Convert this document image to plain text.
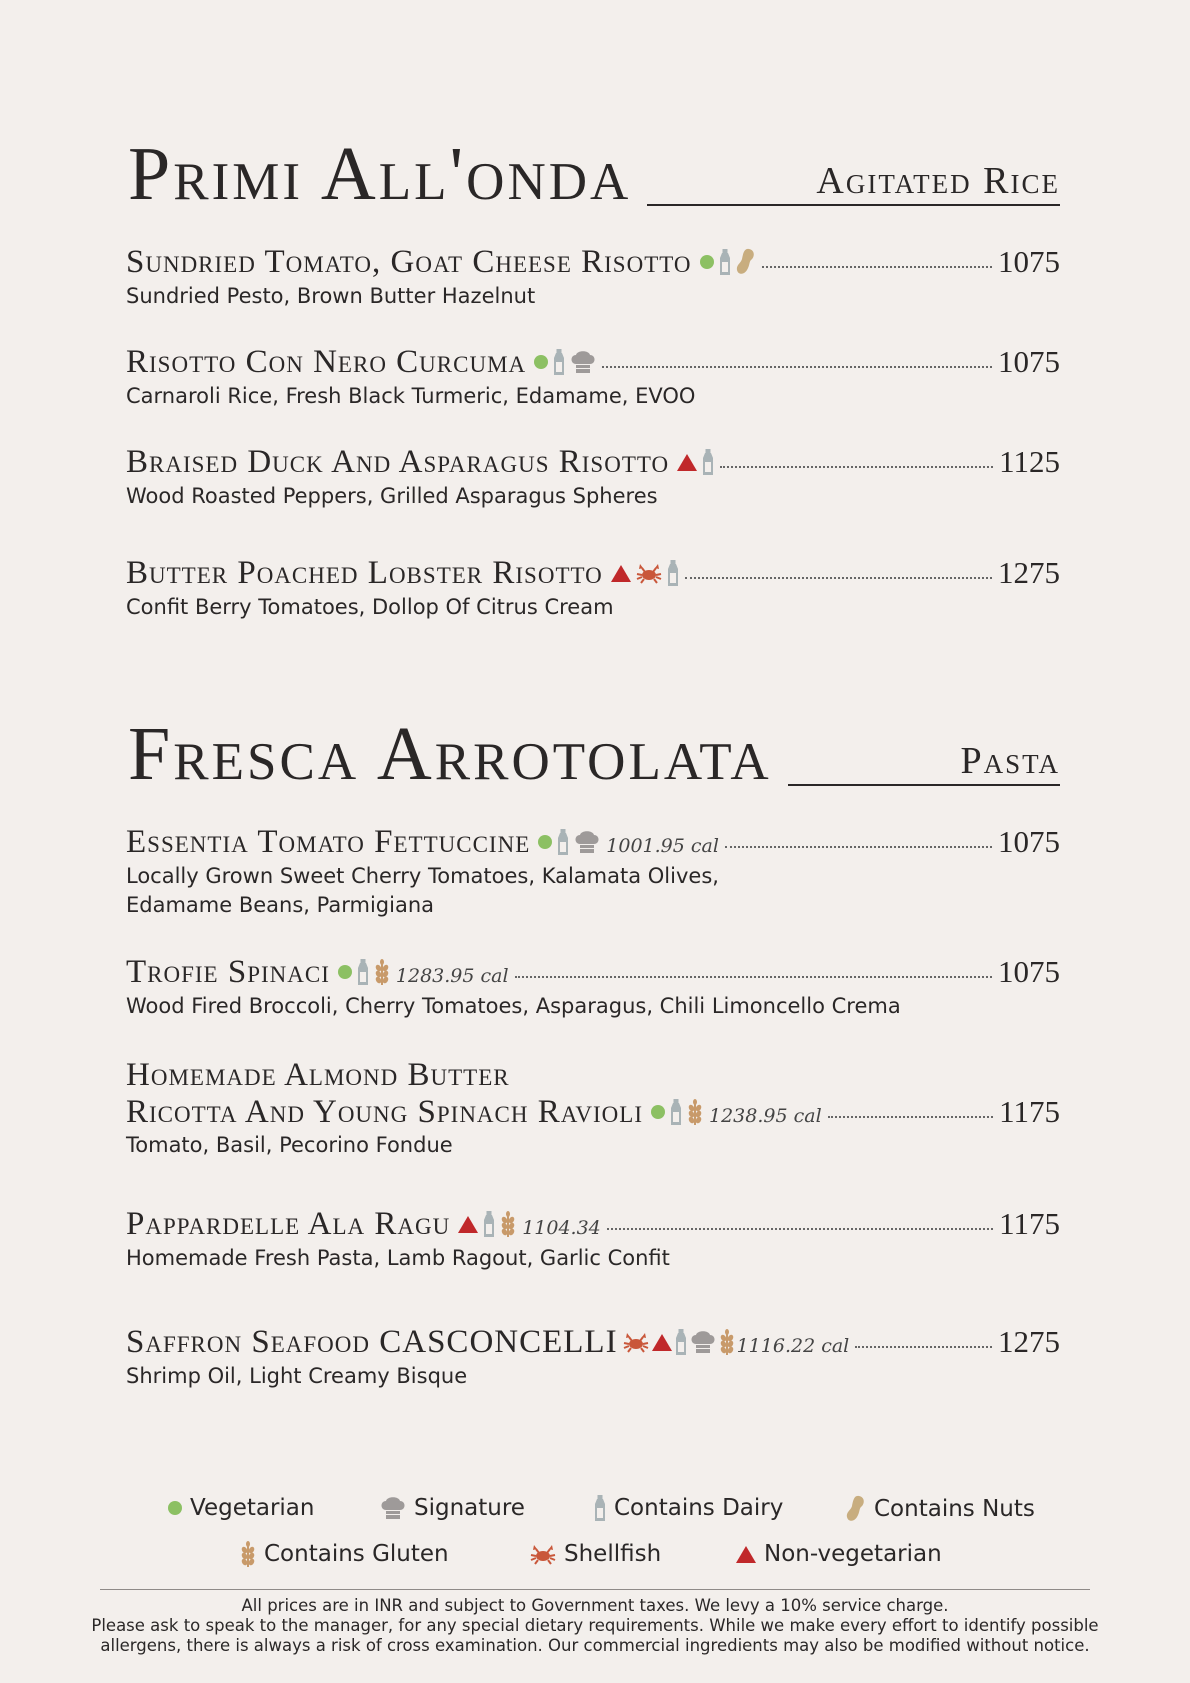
Primi All'onda	Agitated Rice
Sundried Tomato, Goat Cheese Risotto	1075
Sundried Pesto, Brown Butter Hazelnut
Risotto Con Nero Curcuma	1075
Carnaroli Rice, Fresh Black Turmeric, Edamame, EVOO
Braised Duck And Asparagus Risotto	1125
Wood Roasted Peppers, Grilled Asparagus Spheres
Butter Poached Lobster Risotto	1275
Confit Berry Tomatoes, Dollop Of Citrus Cream
Fresca Arrotolata	Pasta
Essentia Tomato Fettuccine	1001.95 cal	1075
Locally Grown Sweet Cherry Tomatoes, Kalamata Olives,
Edamame Beans, Parmigiana
Trofie Spinaci	1283.95 cal	1075
Wood Fired Broccoli, Cherry Tomatoes, Asparagus, Chili Limoncello Crema
Homemade Almond Butter
Ricotta And Young Spinach Ravioli	1238.95 cal	1175
Tomato, Basil, Pecorino Fondue
Pappardelle Ala Ragu	1104.34	1175
Homemade Fresh Pasta, Lamb Ragout, Garlic Confit
Saffron Seafood CASCONCELLI	1116.22 cal	1275
Shrimp Oil, Light Creamy Bisque
Vegetarian	Signature	Contains Dairy	Contains Nuts
Contains Gluten	Shellfish	Non-vegetarian
All prices are in INR and subject to Government taxes. We levy a 10% service charge.
Please ask to speak to the manager, for any special dietary requirements. While we make every effort to identify possible
allergens, there is always a risk of cross examination. Our commercial ingredients may also be modified without notice.
